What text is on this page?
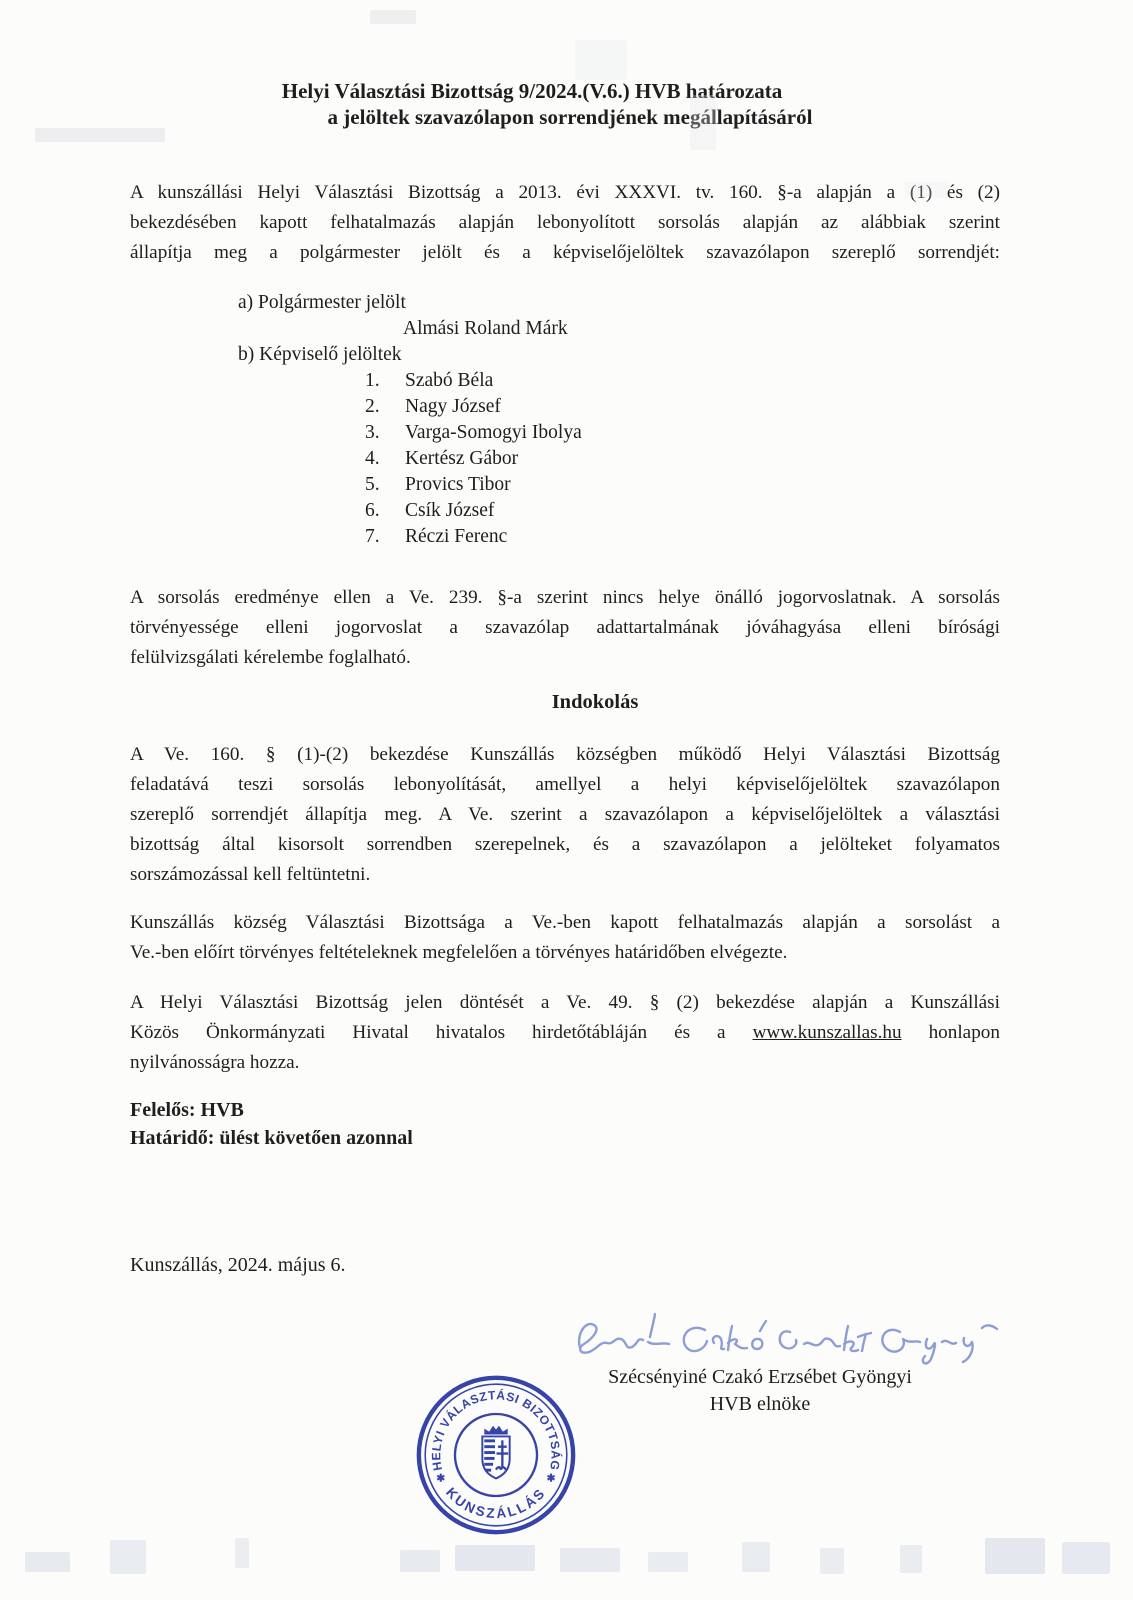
Helyi Választási Bizottság 9/2024.(V.6.) HVB határozata
a jelöltek szavazólapon sorrendjének megállapításáról
A kunszállási Helyi Választási Bizottság a 2013. évi XXXVI. tv. 160. §-a alapján a (1) és (2)
bekezdésében kapott felhatalmazás alapján lebonyolított sorsolás alapján az alábbiak szerint
állapítja meg a polgármester jelölt és a képviselőjelöltek szavazólapon szereplő sorrendjét:
a) Polgármester jelölt
Almási Roland Márk
b) Képviselő jelöltek
1. Szabó Béla
2. Nagy József
3. Varga-Somogyi Ibolya
4. Kertész Gábor
5. Provics Tibor
6. Csík József
7. Réczi Ferenc
A sorsolás eredménye ellen a Ve. 239. §-a szerint nincs helye önálló jogorvoslatnak. A sorsolás
törvényessége elleni jogorvoslat a szavazólap adattartalmának jóváhagyása elleni bírósági
felülvizsgálati kérelembe foglalható.
Indokolás
A Ve. 160. § (1)-(2) bekezdése Kunszállás községben működő Helyi Választási Bizottság
feladatává teszi sorsolás lebonyolítását, amellyel a helyi képviselőjelöltek szavazólapon
szereplő sorrendjét állapítja meg. A Ve. szerint a szavazólapon a képviselőjelöltek a választási
bizottság által kisorsolt sorrendben szerepelnek, és a szavazólapon a jelölteket folyamatos
sorszámozással kell feltüntetni.
Kunszállás község Választási Bizottsága a Ve.-ben kapott felhatalmazás alapján a sorsolást a
Ve.-ben előírt törvényes feltételeknek megfelelően a törvényes határidőben elvégezte.
A Helyi Választási Bizottság jelen döntését a Ve. 49. § (2) bekezdése alapján a Kunszállási
Közös Önkormányzati Hivatal hivatalos hirdetőtábláján és a www.kunszallas.hu honlapon
nyilvánosságra hozza.
Felelős: HVB
Határidő: ülést követően azonnal
Kunszállás, 2024. május 6.
Szécsényiné Czakó Erzsébet Gyöngyi
HVB elnöke
HELYI VÁLASZTÁSI BIZOTTSÁG
KUNSZÁLLÁS
✱	✱
